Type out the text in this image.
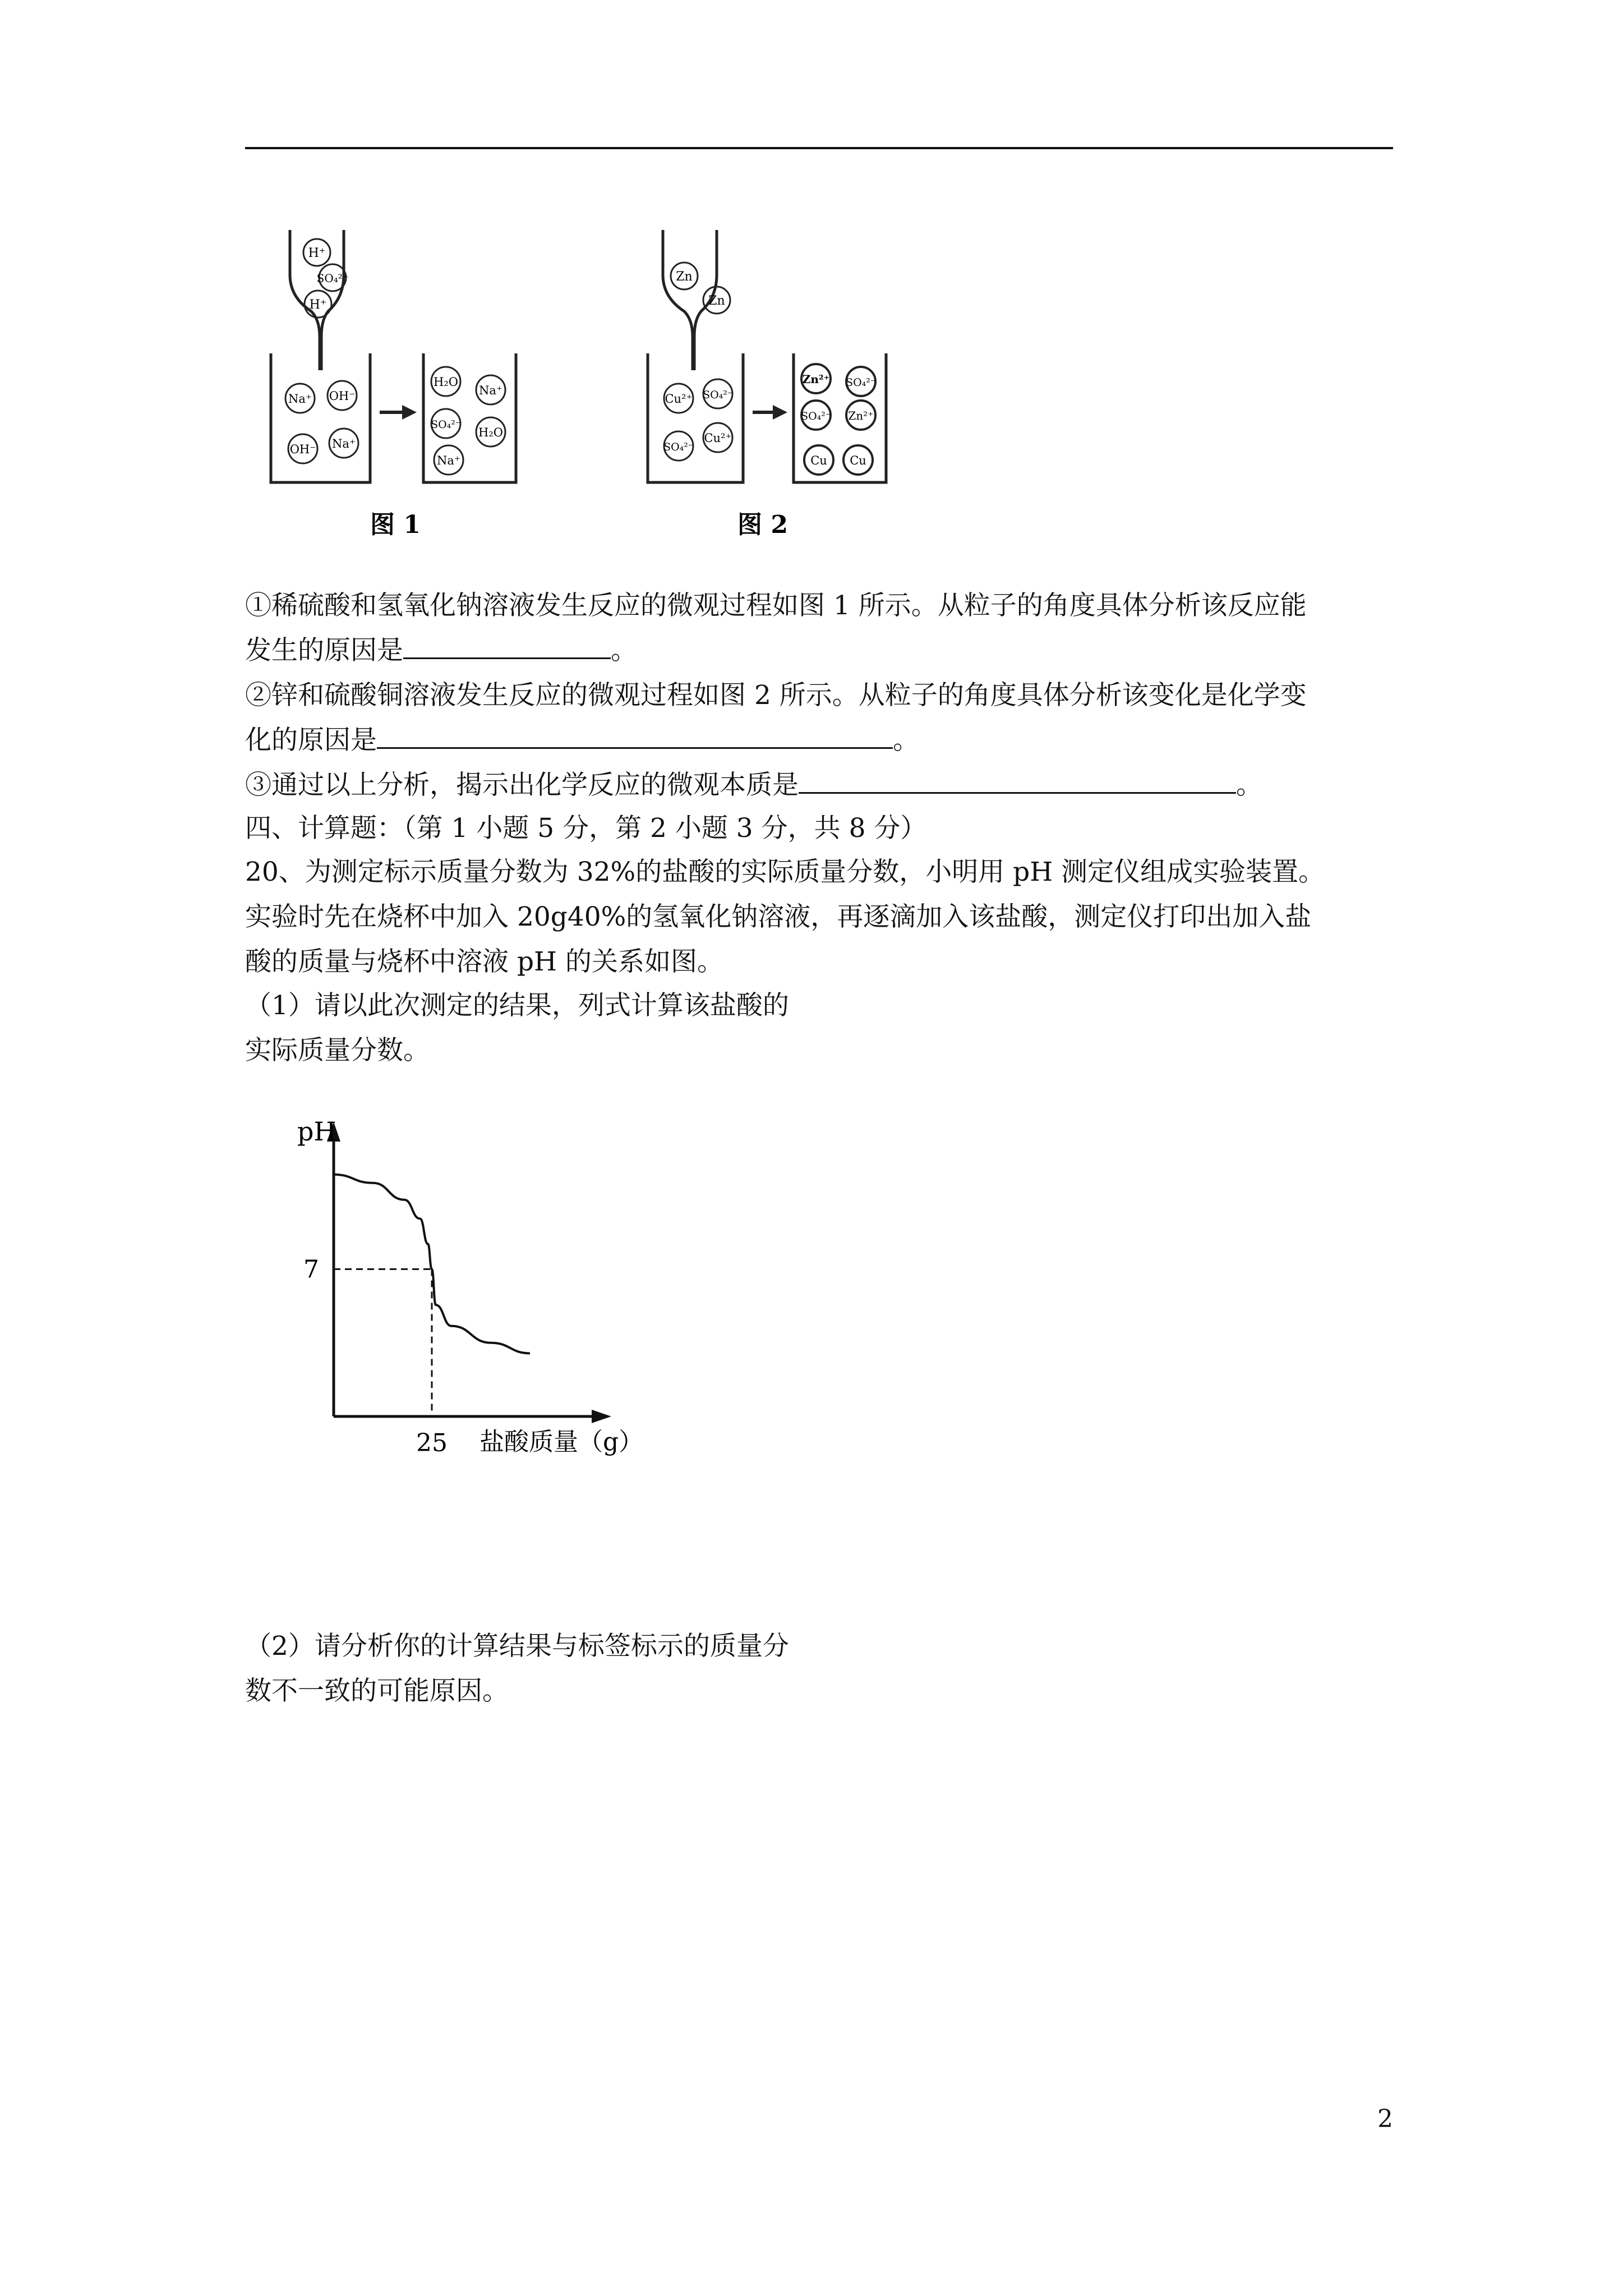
H⁺
SO₄²⁻
H⁺
Na⁺ OH⁻
OH⁻ Na⁺
H₂O
Na⁺
SO₄²⁻
H₂O
Na⁺
图 1
Zn
Zn
Cu²⁺ SO₄²⁻
SO₄²⁻
Cu²⁺
Zn²⁺ SO₄²⁻
SO₄²⁻ Zn²⁺
Cu Cu
图 2
①稀硫酸和氢氧化钠溶液发生反应的微观过程如图 1 所示。从粒子的角度具体分析该反应能
发生的原因是	。
②锌和硫酸铜溶液发生反应的微观过程如图 2 所示。从粒子的角度具体分析该变化是化学变
化的原因是	。
③通过以上分析，揭示出化学反应的微观本质是	。
四、计算题：（第 1 小题 5 分，第 2 小题 3 分，共 8 分）
20、为测定标示质量分数为 32%的盐酸的实际质量分数，小明用 pH 测定仪组成实验装置。
实验时先在烧杯中加入 20g40%的氢氧化钠溶液，再逐滴加入该盐酸，测定仪打印出加入盐
酸的质量与烧杯中溶液 pH 的关系如图。
（1）请以此次测定的结果，列式计算该盐酸的
实际质量分数。
pH
盐酸质量（g）
7
25
（2）请分析你的计算结果与标签标示的质量分
数不一致的可能原因。
2
